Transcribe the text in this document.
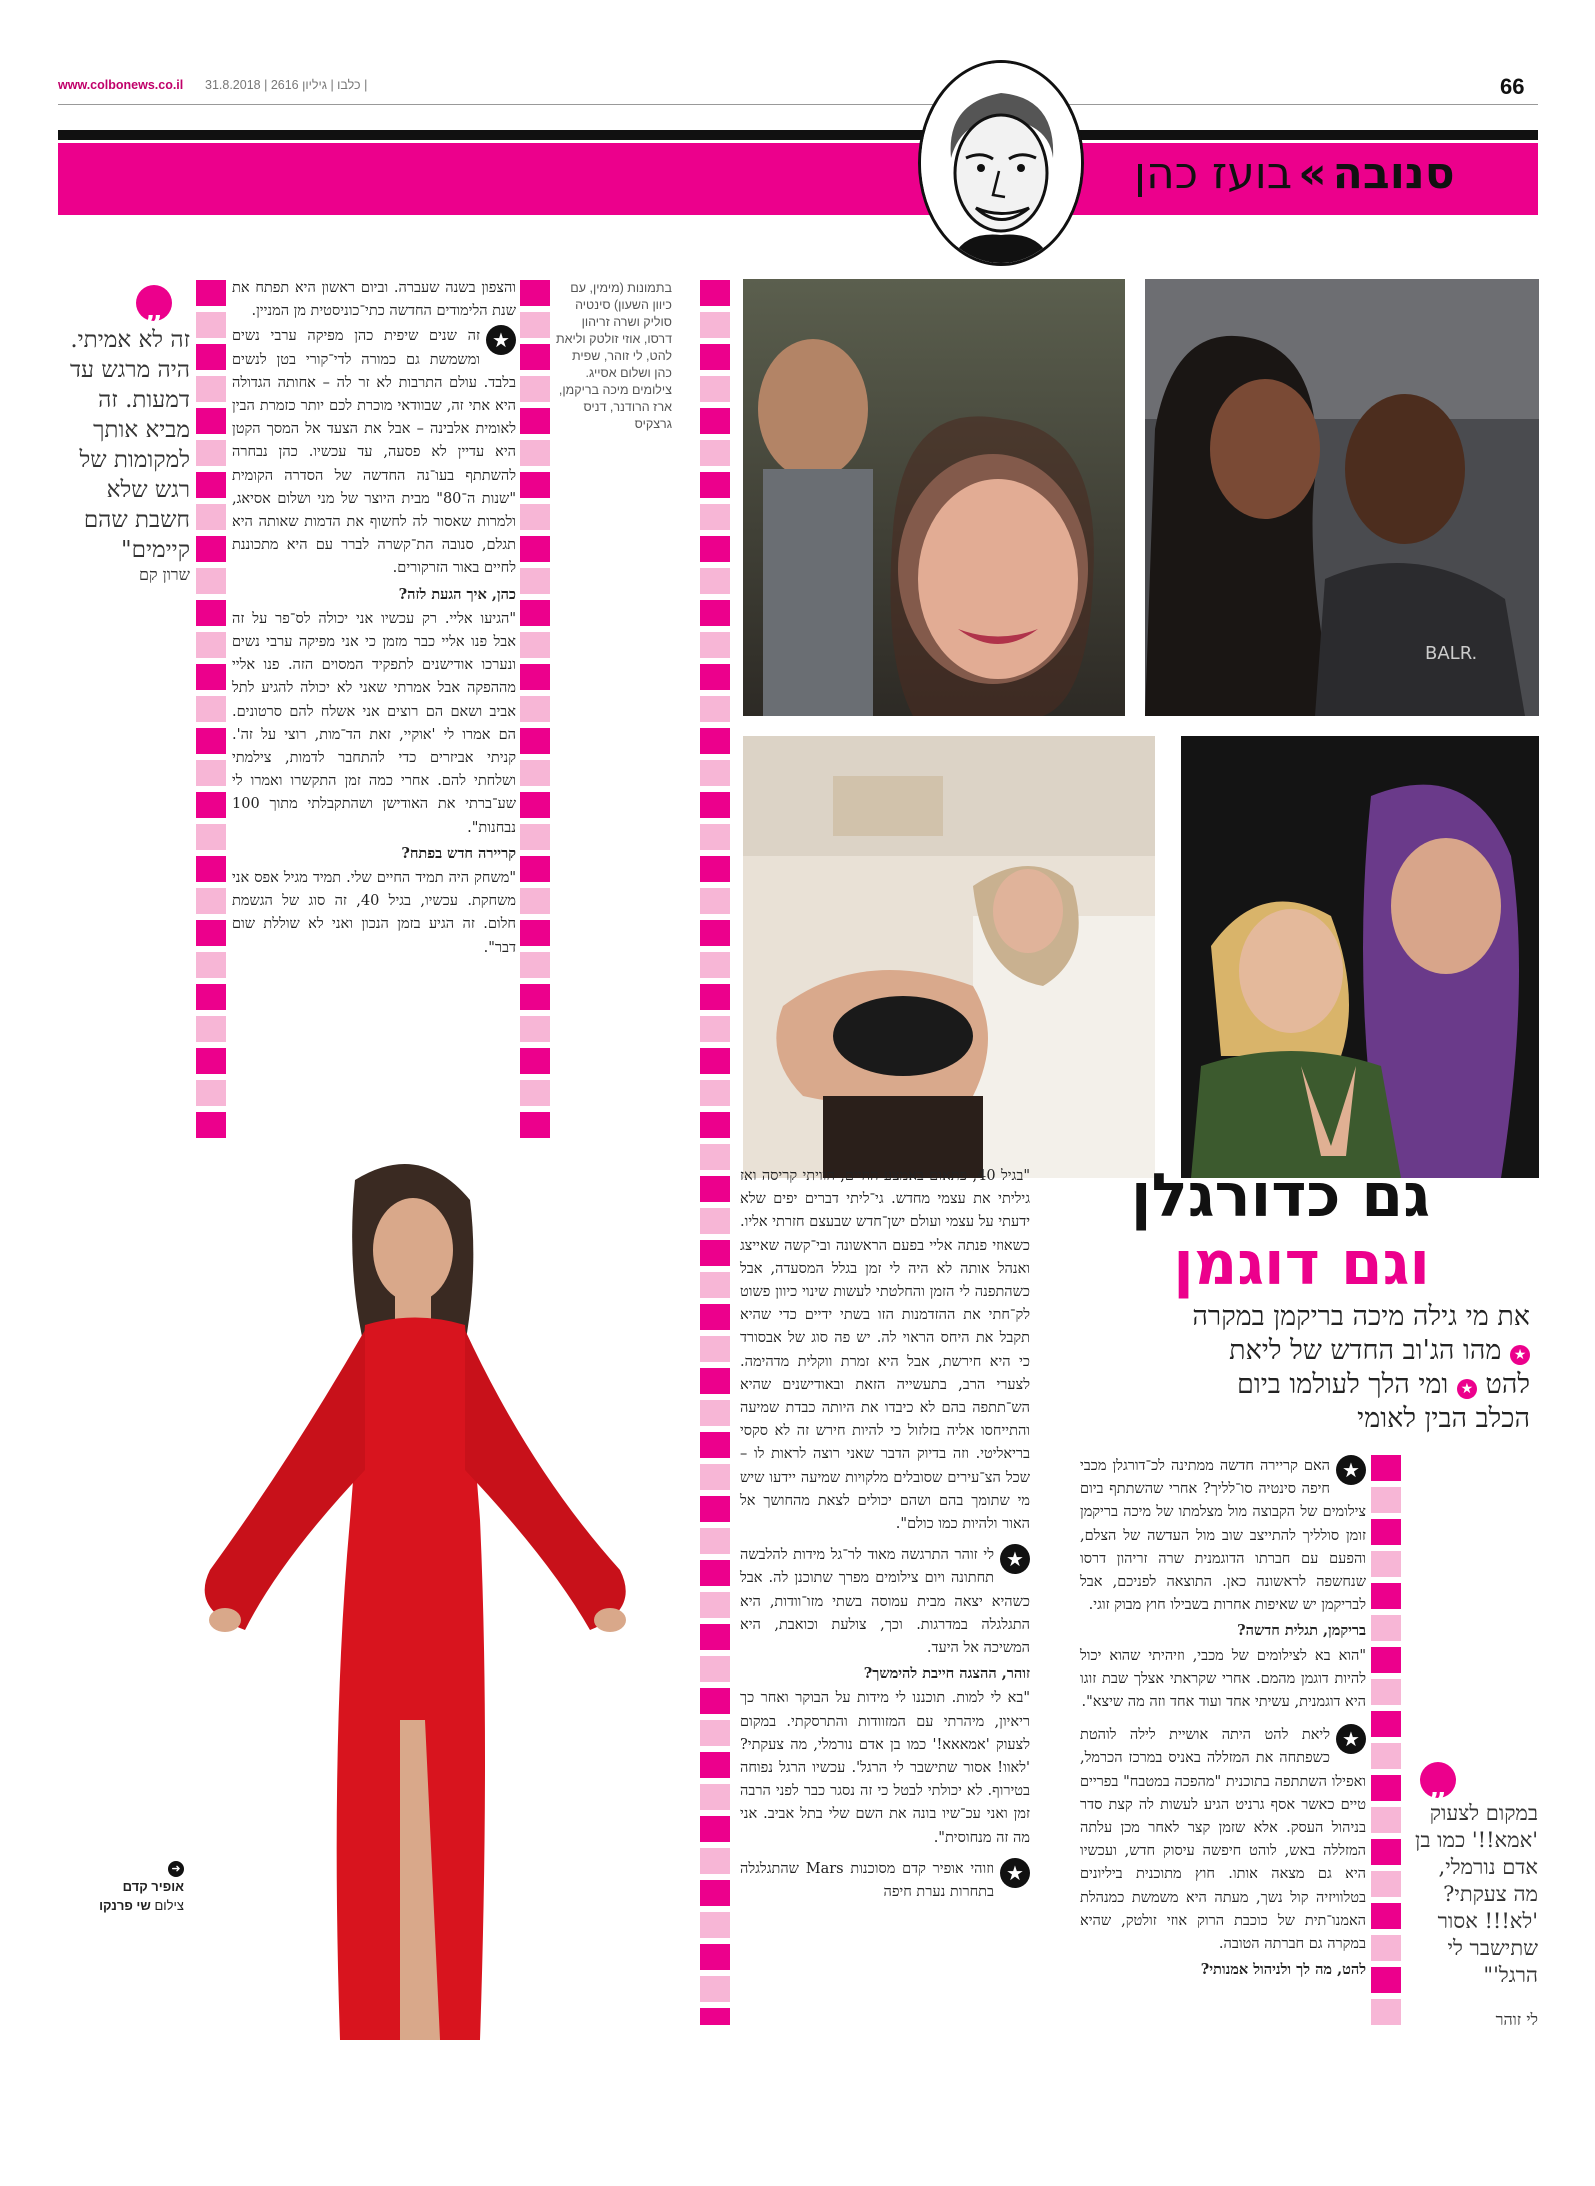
www.colbonews.co.il | כלבו | גיליון 2616 | 31.8.2018	66
סנובה»בועז כהן
„
זה לא אמיתי. היה מרגש עד דמעות. זה מביא אותך למקומות של רגש שלא חשבת שהם קיימים"
שרון קם

והצפון בשנה שעברה. וביום ראשון היא תפתח את שנת הלימודים החדשה כתי־כוניסטית מן המניין.

★
זה שנים שיפית כהן מפיקה ערבי נשים ומשמשת גם כמורה לדי־קורי בטן לנשים בלבד. עולם התרבות לא זר לה – אחותה הגדולה היא אתי זה, שבוודאי מוכרת לכם יותר כזמרת הבין לאומית אלבינה – אבל את הצעד אל המסך הקטן היא עדיין לא פסעה, עד עכשיו. כהן נבחרה להשתתף בעו־נה החדשה של הסדרה הקומית "שנות ה־80" מבית היוצר של מני ושלום אסיאג, ולמרות שאסור לה לחשוף את הדמות שאותה היא תגלם, סנובה הת־קשרה לברר עם היא מתכוננת לחיים באור הזרקורים.

כהן, איך הגעת לזה?

"הגיעו אליי. רק עכשיו אני יכולה לס־פר על זה אבל פנו אליי כבר מזמן כי אני מפיקה ערבי נשים ונערכו אודישנים לתפקיד המסוים הזה. פנו אליי מההפקה אבל אמרתי שאני לא יכולה להגיע לתל אביב ושאם הם רוצים אני אשלח להם סרטונים. הם אמרו לי 'אוקיי, זאת הד־מות, רוצי על זה'. קניתי אביזרים כדי להתחבר לדמות, צילמתי ושלחתי להם. אחרי כמה זמן התקשרו ואמרו לי שע־ברתי את האודישן ושהתקבלתי מתוך 100 נבחנות".

קריירה חדש בפתח?

"משחק היה תמיד החיים שלי. תמיד מגיל אפס אני משחקת. עכשיו, בגיל 40, זה סוג של הגשמת חלום. זה הגיע בזמן הנכון ואני לא שוללת שום דבר".

בתמונות (מימין, עם כיוון השעון) סינטיה סוליק ושרה זריהון דרסו, אוזי זולטק וליאת להט, לי זוהר, שפית כהן ושלום אסייג. צילומים מיכה בריקמן, ארז הרודנר, דניס גרצקיס
BALR.
➜
אופיר קדם
צילום שי פרנקו
גם כדורגלן
וגם דוגמן
את מי גילה מיכה בריקמן במקרה
★ מהו הג'וב החדש של ליאת
להט ★ ומי הלך לעולמו ביום
הכלב הבין לאומי

"בגיל 40, פתאום באמצע החיים, חוויתי קריסה ואז גיליתי את עצמי מחדש. גי־ליתי דברים יפים שלא ידעתי על עצמי ועולם ישן־חדש שבעצם חזרתי אליו. כשאוזי פנתה אליי בפעם הראשונה ובי־קשה שאייצג ואנהל אותה לא היה לי זמן בגלל המסעדה, אבל כשהתפנה לי הזמן והחלטתי לעשות שינוי כיוון פשוט לק־חתי את ההזדמנות הזו בשתי ידיים כדי שהיא תקבל את היחס הראוי לה. יש פה סוג של אבסורד כי היא חירשת, אבל היא זמרת ווקלית מדהימה. לצערי הרב, בתעשייה הזאת ובאודישנים שהיא הש־תתפה בהם לא כיבדו את היותה כבדת שמיעה והתייחסו אליה בזלזול כי להיות חירש זה לא סקסי בריאליטי. וזה בדיוק הדבר שאני רוצה לראות לו – שכל הצ־עירים שסובלים מלקויות שמיעה יידעו שיש מי שתומך בהם ושהם יכולים לצאת מהחושך אל האור ולהיות כמו כולם".

★
לי זוהר התרגשה מאוד לר־גל מידות להלבשה תחתונה ויום צילומים מפרך שתוכנן לה. אבל כשהיא יצאה מבית עמוסה בשתי מזו־וודות, היא התגלגלה במדרגות. וכך, צולעת וכואבת, היא המשיכה אל היעד.

זוהר, ההצגה חייבת להימשך?

"בא לי למות. תוכננו לי מידות על הבוקר ואחר כך ריאיון, מיהרתי עם המזוודות והתרסקתי. במקום לצעוק 'אמאאא!' כמו בן אדם נורמלי, מה צעקתי? 'לאוו! אסור שתישבר לי הרגל'. עכשיו הרגל נפוחה בטירוף. לא יכולתי לבטל כי זה נסגר כבר לפני הרבה זמן ואני עכ־שיו בונה את השם שלי בתל אביב. אני מה זה מנחוסית".

★
וזוהי אופיר קדם מסוכנות Mars שהתגלגלה בתחרות נערת חיפה

★
האם קריירה חדשה ממתינה לכ־דורגלן מכבי חיפה סינטיה סו־לליך? אחרי שהשתתף ביום צילומים של הקבוצה מול מצלמתו של מיכה בריקמן זומן סולליך להתייצב שוב מול העדשה של הצלם, והפעם עם חברתו הדוגמנית שרה זריהון דרסו שנחשפה לראשונה כאן. התוצאה לפניכם, אבל לבריקמן יש שאיפות אחרות בשבילו חוץ מבוק זוגי.

בריקמן, תגלית חדשה?

"הוא בא לצילומים של מכבי, וזיהיתי שהוא יכול להיות דוגמן מהמם. אחרי שקראתי אצלך שבת זוגו היא דוגמנית, עשיתי אחד ועוד אחד וזה מה שיצא".

★
ליאת להט היתה אושיית לילה לוהטת כשפתחה את המזללה באניס במרכז הכרמל, ואפילו השתתפה בתוכנית "מהפכה במטבח" בפריים טיים כאשר אסף גרניט הגיע לעשות לה קצת סדר בניהול העסק. אלא שזמן קצר לאחר מכן עלתה המזללה באש, לוהט חיפשה עיסוק חדש, ועכשיו היא גם מצאה אותו. חוץ מתוכנית ביליונים בטלוויזיה קול נשך, מעתה היא משמשת כמנהלת האמנו־תית של כוכבת הרוק אוזי זולטק, שהיא במקרה גם חברתה הטובה.

להט, מה לך ולניהול אמנותי?

„
במקום לצעוק 'אמא!!' כמו בן אדם נורמלי, מה צעקתי? 'לא!!! אסור שתישבר לי הרגל'"
לי זוהר
